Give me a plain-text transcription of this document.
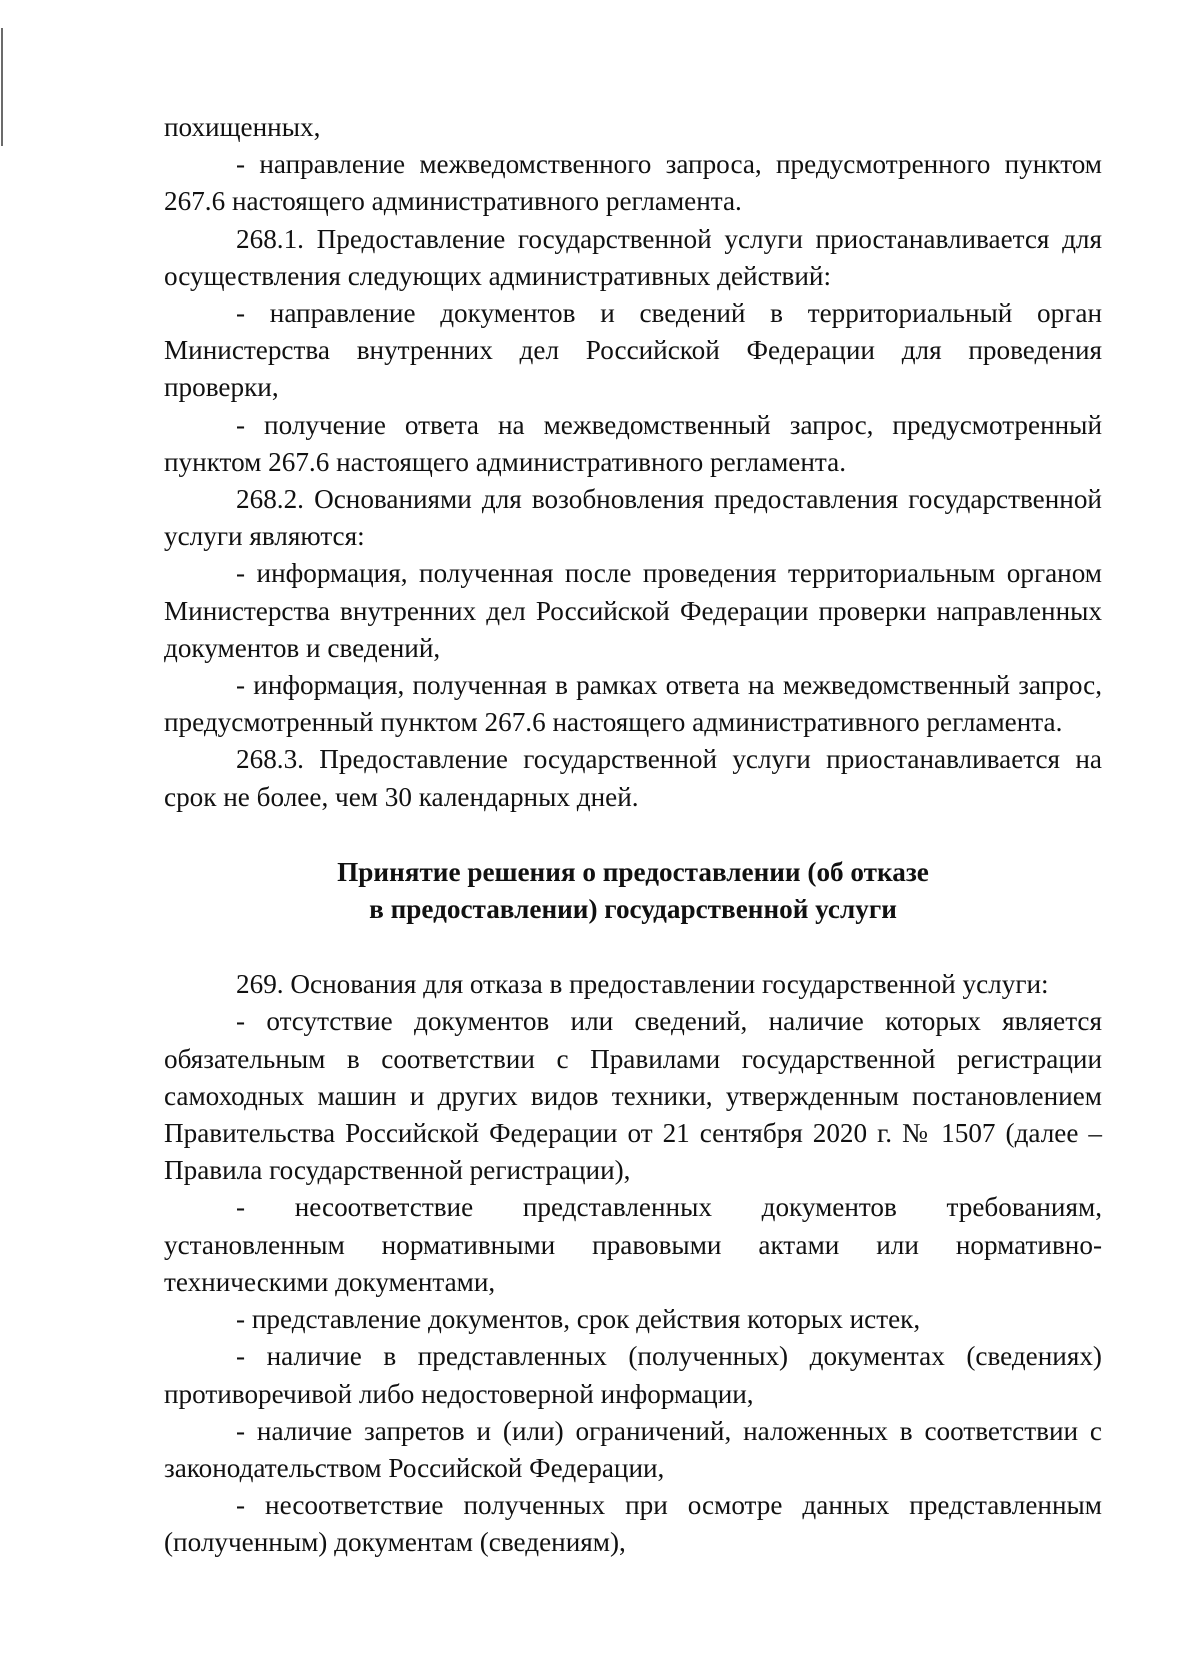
похищенных,

- направление межведомственного запроса, предусмотренного пунктом 267.6 настоящего административного регламента.

268.1. Предоставление государственной услуги приостанавливается для осуществления следующих административных действий:

- направление документов и сведений в территориальный орган Министерства внутренних дел Российской Федерации для проведения проверки,

- получение ответа на межведомственный запрос, предусмотренный пунктом 267.6 настоящего административного регламента.

268.2. Основаниями для возобновления предоставления государственной услуги являются:

- информация, полученная после проведения территориальным органом Министерства внутренних дел Российской Федерации проверки направленных документов и сведений,

- информация, полученная в рамках ответа на межведомственный запрос, предусмотренный пунктом 267.6 настоящего административного регламента.

268.3. Предоставление государственной услуги приостанавливается на срок не более, чем 30 календарных дней.

Принятие решения о предоставлении (об отказе
в предоставлении) государственной услуги

269. Основания для отказа в предоставлении государственной услуги:

- отсутствие документов или сведений, наличие которых является обязательным в соответствии с Правилами государственной регистрации самоходных машин и других видов техники, утвержденным постановлением Правительства Российской Федерации от 21 сентября 2020 г. № 1507 (далее – Правила государственной регистрации),

- несоответствие представленных документов требованиям, установленным нормативными правовыми актами или нормативно-техническими документами,

- представление документов, срок действия которых истек,

- наличие в представленных (полученных) документах (сведениях) противоречивой либо недостоверной информации,

- наличие запретов и (или) ограничений, наложенных в соответствии с законодательством Российской Федерации,

- несоответствие полученных при осмотре данных представленным (полученным) документам (сведениям),
